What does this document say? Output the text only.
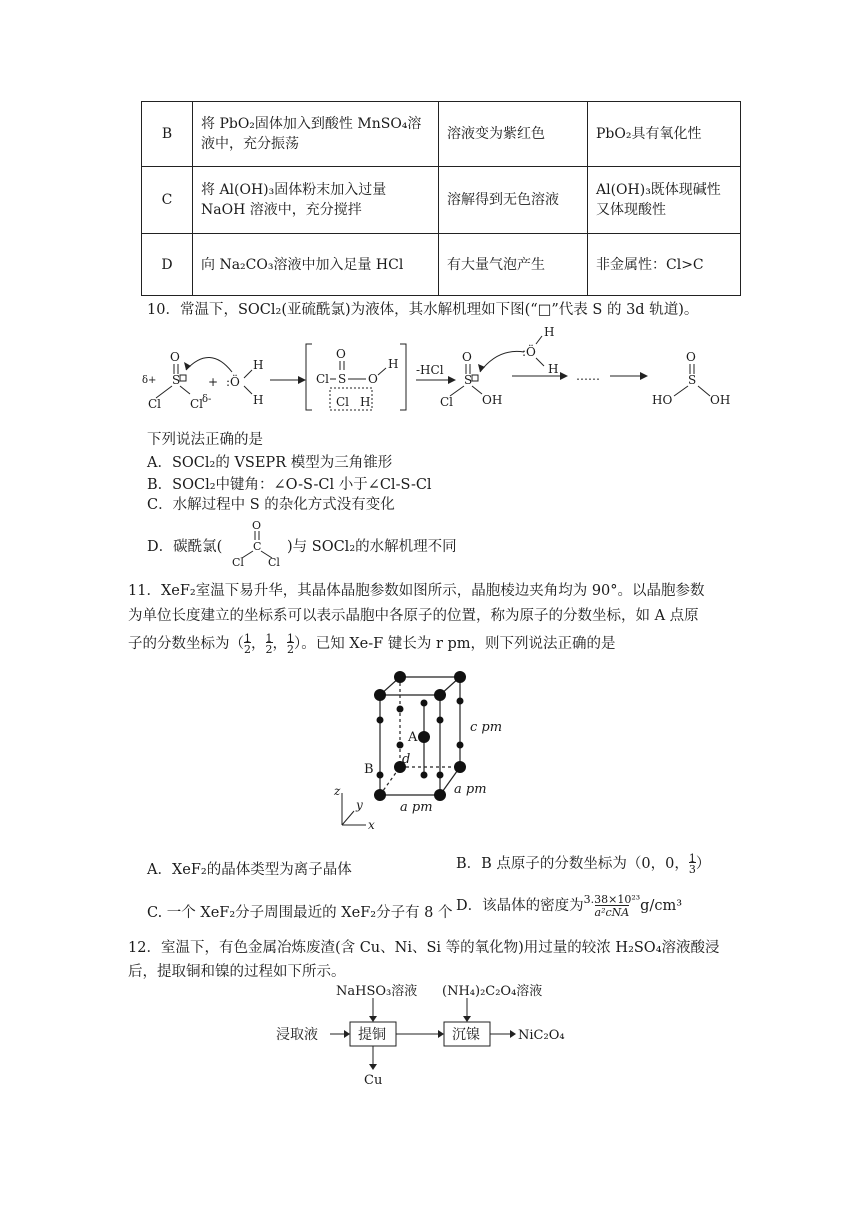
B	将 PbO₂固体加入到酸性 MnSO₄溶液中，充分振荡	溶液变为紫红色	PbO₂具有氧化性
C	将 Al(OH)₃固体粉末加入过量 NaOH 溶液中，充分搅拌	溶解得到无色溶液	Al(OH)₃既体现碱性又体现酸性
D	向 Na₂CO₃溶液中加入足量 HCl	有大量气泡产生	非金属性：Cl>C
10．常温下，SOCl₂(亚硫酰氯)为液体，其水解机理如下图(“□”代表 S 的 3d 轨道)。
O
δ+ S
Cl Cl
δ-
+ :Ö
H
H
O
Cl S O
H
Cl H
-HCl
O
S
Cl OH
:Ö
H
H ……
O
S
HO	OH
下列说法正确的是
A．SOCl₂的 VSEPR 模型为三角锥形
B．SOCl₂中键角：∠O-S-Cl 小于∠Cl-S-Cl
C．水解过程中 S 的杂化方式没有变化
D．碳酰氯(
O
C
Cl Cl
)与 SOCl₂的水解机理不同
11．XeF₂室温下易升华，其晶体晶胞参数如图所示，晶胞棱边夹角均为 90°。以晶胞参数
为单位长度建立的坐标系可以表示晶胞中各原子的位置，称为原子的分数坐标，如 A 点原
子的分数坐标为（1
2，1
2，1
2）。已知 Xe-F 键长为 r pm，则下列说法正确的是
A
B
d
c pm
a pm
a pm
z
y
x
A．XeF₂的晶体类型为离子晶体	B．B 点原子的分数坐标为（0，0，1
3）
C. 一个 XeF₂分子周围最近的 XeF₂分子有 8 个 D．该晶体的密度为3.38×10²³
a²cNA g/cm³
12．室温下，有色金属冶炼废渣(含 Cu、Ni、Si 等的氧化物)用过量的较浓 H₂SO₄溶液酸浸
后，提取铜和镍的过程如下所示。
NaHSO₃溶液 (NH₄)₂C₂O₄溶液
浸取液	提铜	沉镍	NiC₂O₄
Cu
